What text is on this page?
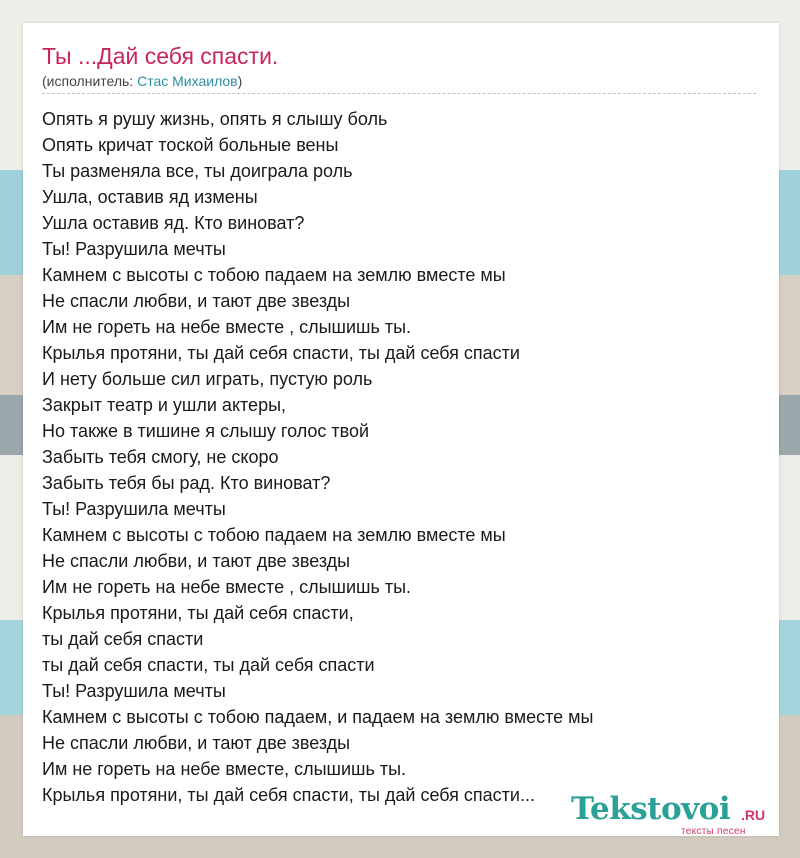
Ты ...Дай себя спасти.
(исполнитель: Стас Михаилов)
Опять я рушу жизнь, опять я слышу боль
Опять кричат тоской больные вены
Ты разменяла все, ты доиграла роль
Ушла, оставив яд измены
Ушла оставив яд. Кто виноват?
Ты! Разрушила мечты
Камнем с высоты с тобою падаем на землю вместе мы
Не спасли любви, и тают две звезды
Им не гореть на небе вместе , слышишь ты.
Крылья протяни, ты дай себя спасти, ты дай себя спасти
И нету больше сил играть, пустую роль
Закрыт театр и ушли актеры,
Но также в тишине я слышу голос твой
Забыть тебя смогу, не скоро
Забыть тебя бы рад. Кто виноват?
Ты! Разрушила мечты
Камнем с высоты с тобою падаем на землю вместе мы
Не спасли любви, и тают две звезды
Им не гореть на небе вместе , слышишь ты.
Крылья протяни, ты дай себя спасти,
ты дай себя спасти
ты дай себя спасти, ты дай себя спасти
Ты! Разрушила мечты
Камнем с высоты с тобою падаем, и падаем на землю вместе мы
Не спасли любви, и тают две звезды
Им не гореть на небе вместе, слышишь ты.
Крылья протяни, ты дай себя спасти, ты дай себя спасти...	Tekstovoi .RU
тексты песен
